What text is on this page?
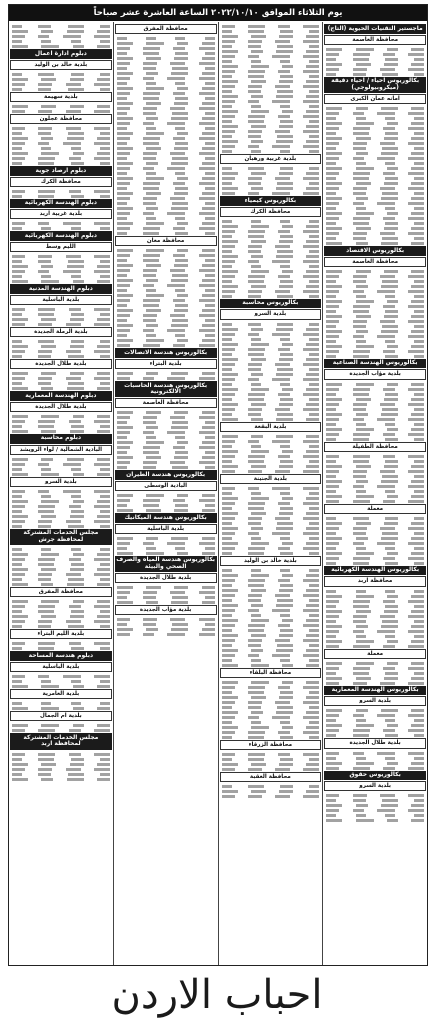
يوم الثلاثاء الموافق ٢٠٢٢/١٠/١٠ الساعة العاشرة عشر صباحاً
ماجستير التقنيات الحيوية (التاج)
محافظة العاصمة
بكالوريوس احياء / احياء دقيقة (ميكروبيولوجي)
امانه عمان الكبرى
بكالوريوس الاقتصاد
محافظة العاصمة
بكالوريوس الهندسة الصناعية
بلدية مؤاب الجديدة
محافظة الطفيلة
معملة
بكالوريوس الهندسة الكهربائية
محافظة اربد
معملة
بكالوريوس الهندسة المعمارية
بلدية السرو
بلدية طلال الجديدة
بكالوريوس حقوق
بلدية السرو
بلدية غربية ورهبان
بكالوريوس كيمياء
محافظة الكرك
بكالوريوس محاسبة
بلدية السرو
بلدية البقعة
بلدية الجنينة
بلدية خالد بن الوليد
محافظة البلقاء
محافظة الزرقاء
محافظة العقبة
محافظة المفرق
محافظة معان
بكالوريوس هندسة الاتصالات
بلدية البتراء
بكالوريوس هندسة الحاسبات الالكترونية
محافظة العاصمة
بكالوريوس هندسة الطيران
البادية الوسطى
بكالوريوس هندسة الميكانيك
بلدية الباسلية
بكالوريوس هندسة المياه والصرف الصحي والبيئة
بلدية طلال الجديدة
بلدية مؤاب الجديدة
دبلوم ادارة اعمال
بلدية خالد بن الوليد
بلدية سهيمة
محافظة عجلون
دبلوم ارصاد جوية
محافظة الكرك
دبلوم الهندسة الكهربائية
بلدية غربية اربد
دبلوم الهندسة الكهربائية
الليم وسط
دبلوم الهندسة المدنية
بلدية الباسلية
بلدية الرملة الجديدة
بلدية طلال الجديدة
دبلوم الهندسة المعمارية
بلدية طلال الجديدة
دبلوم محاسبة
البادية الشمالية / لواء الرويشد
بلدية السرو
مجلس الخدمات المشتركة لمحافظة جرش
محافظة المفرق
بلدية الليم البتراء
دبلوم هندسة المساحة
بلدية الباسلية
بلدية العامرية
بلدية ام الجمال
مجلس الخدمات المشتركة لمحافظة اربد
احباب الاردن
